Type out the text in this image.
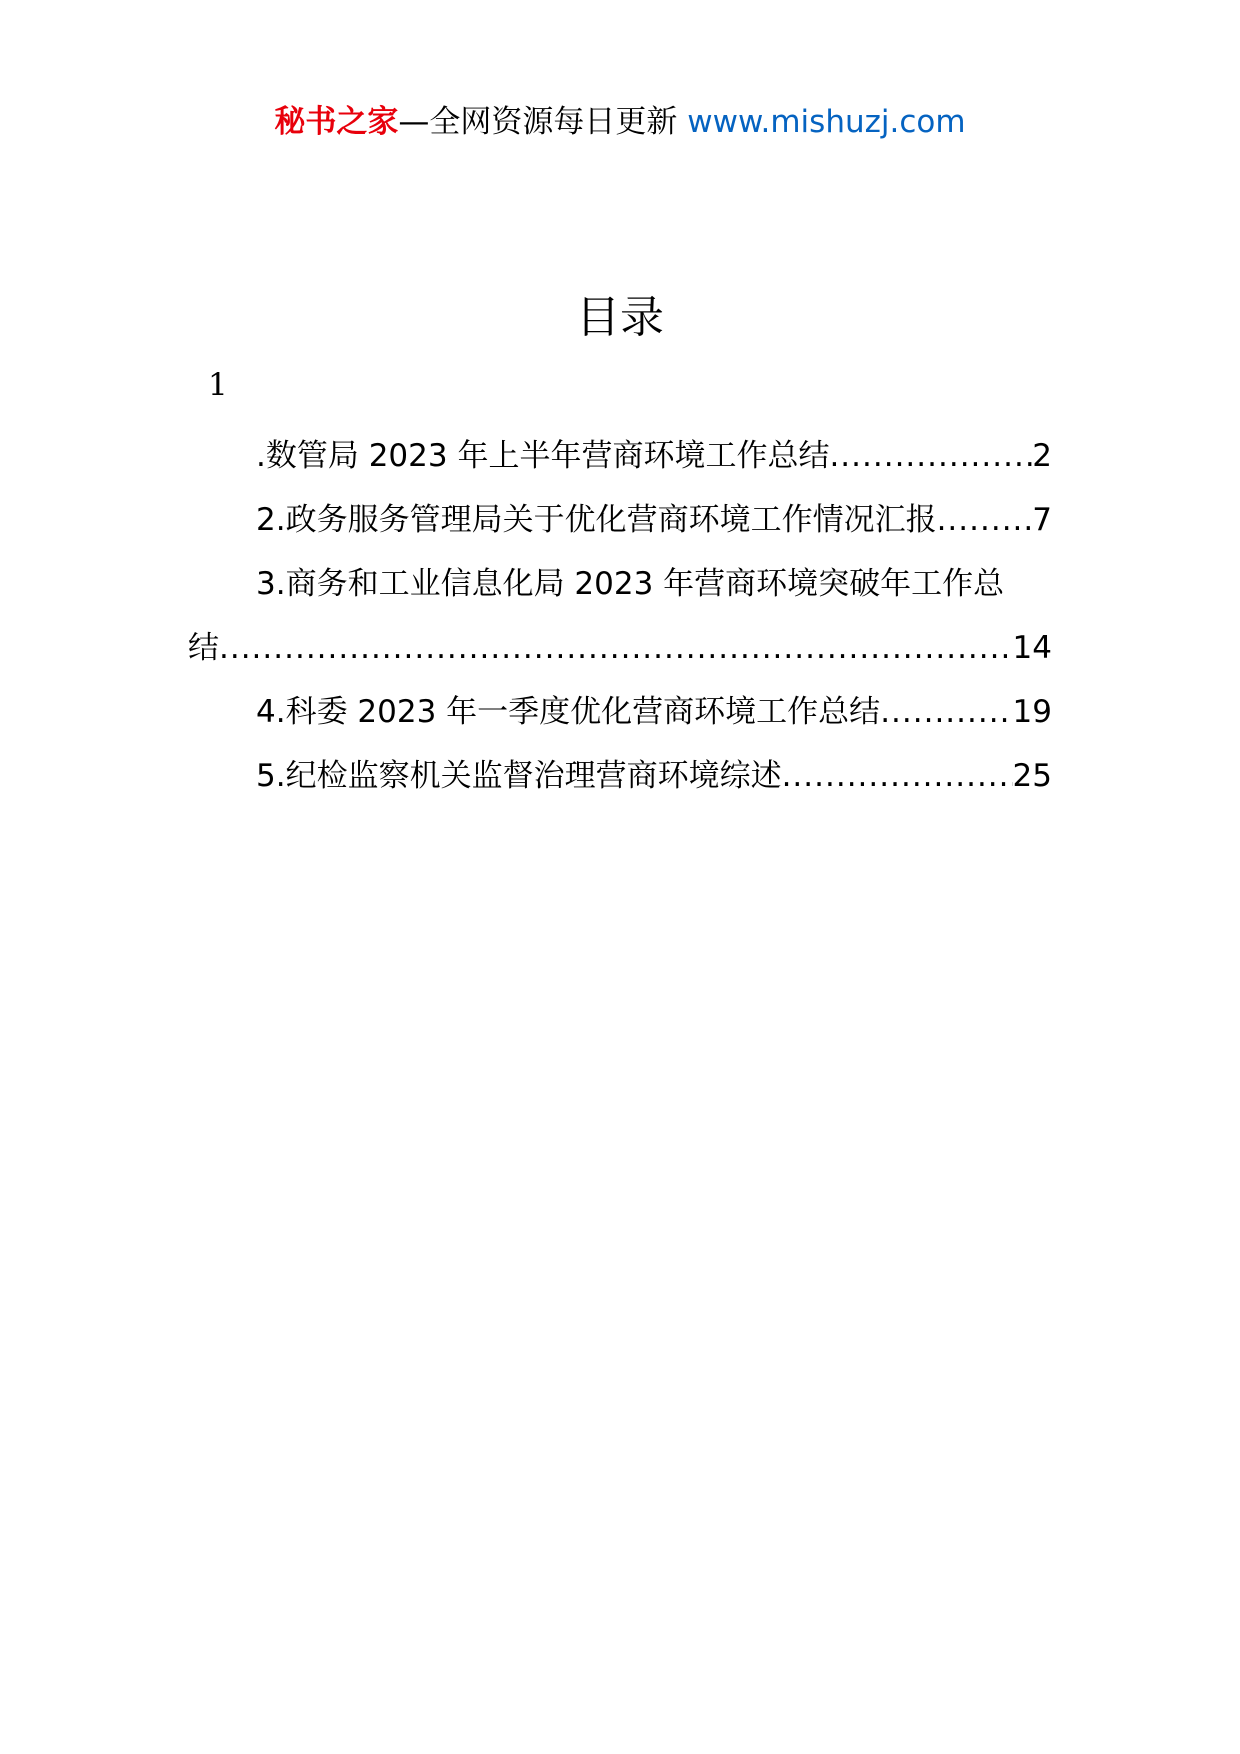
秘书之家—全网资源每日更新 www.mishuzj.com
目录
1
.数管局 2023 年上半年营商环境工作总结 .....	2
2.政务服务管理局关于优化营商环境工作情况汇报 .....	7
3.商务和工业信息化局 2023 年营商环境突破年工作总
结 .....	14
4.科委 2023 年一季度优化营商环境工作总结 .....	19
5.纪检监察机关监督治理营商环境综述 .....	25
